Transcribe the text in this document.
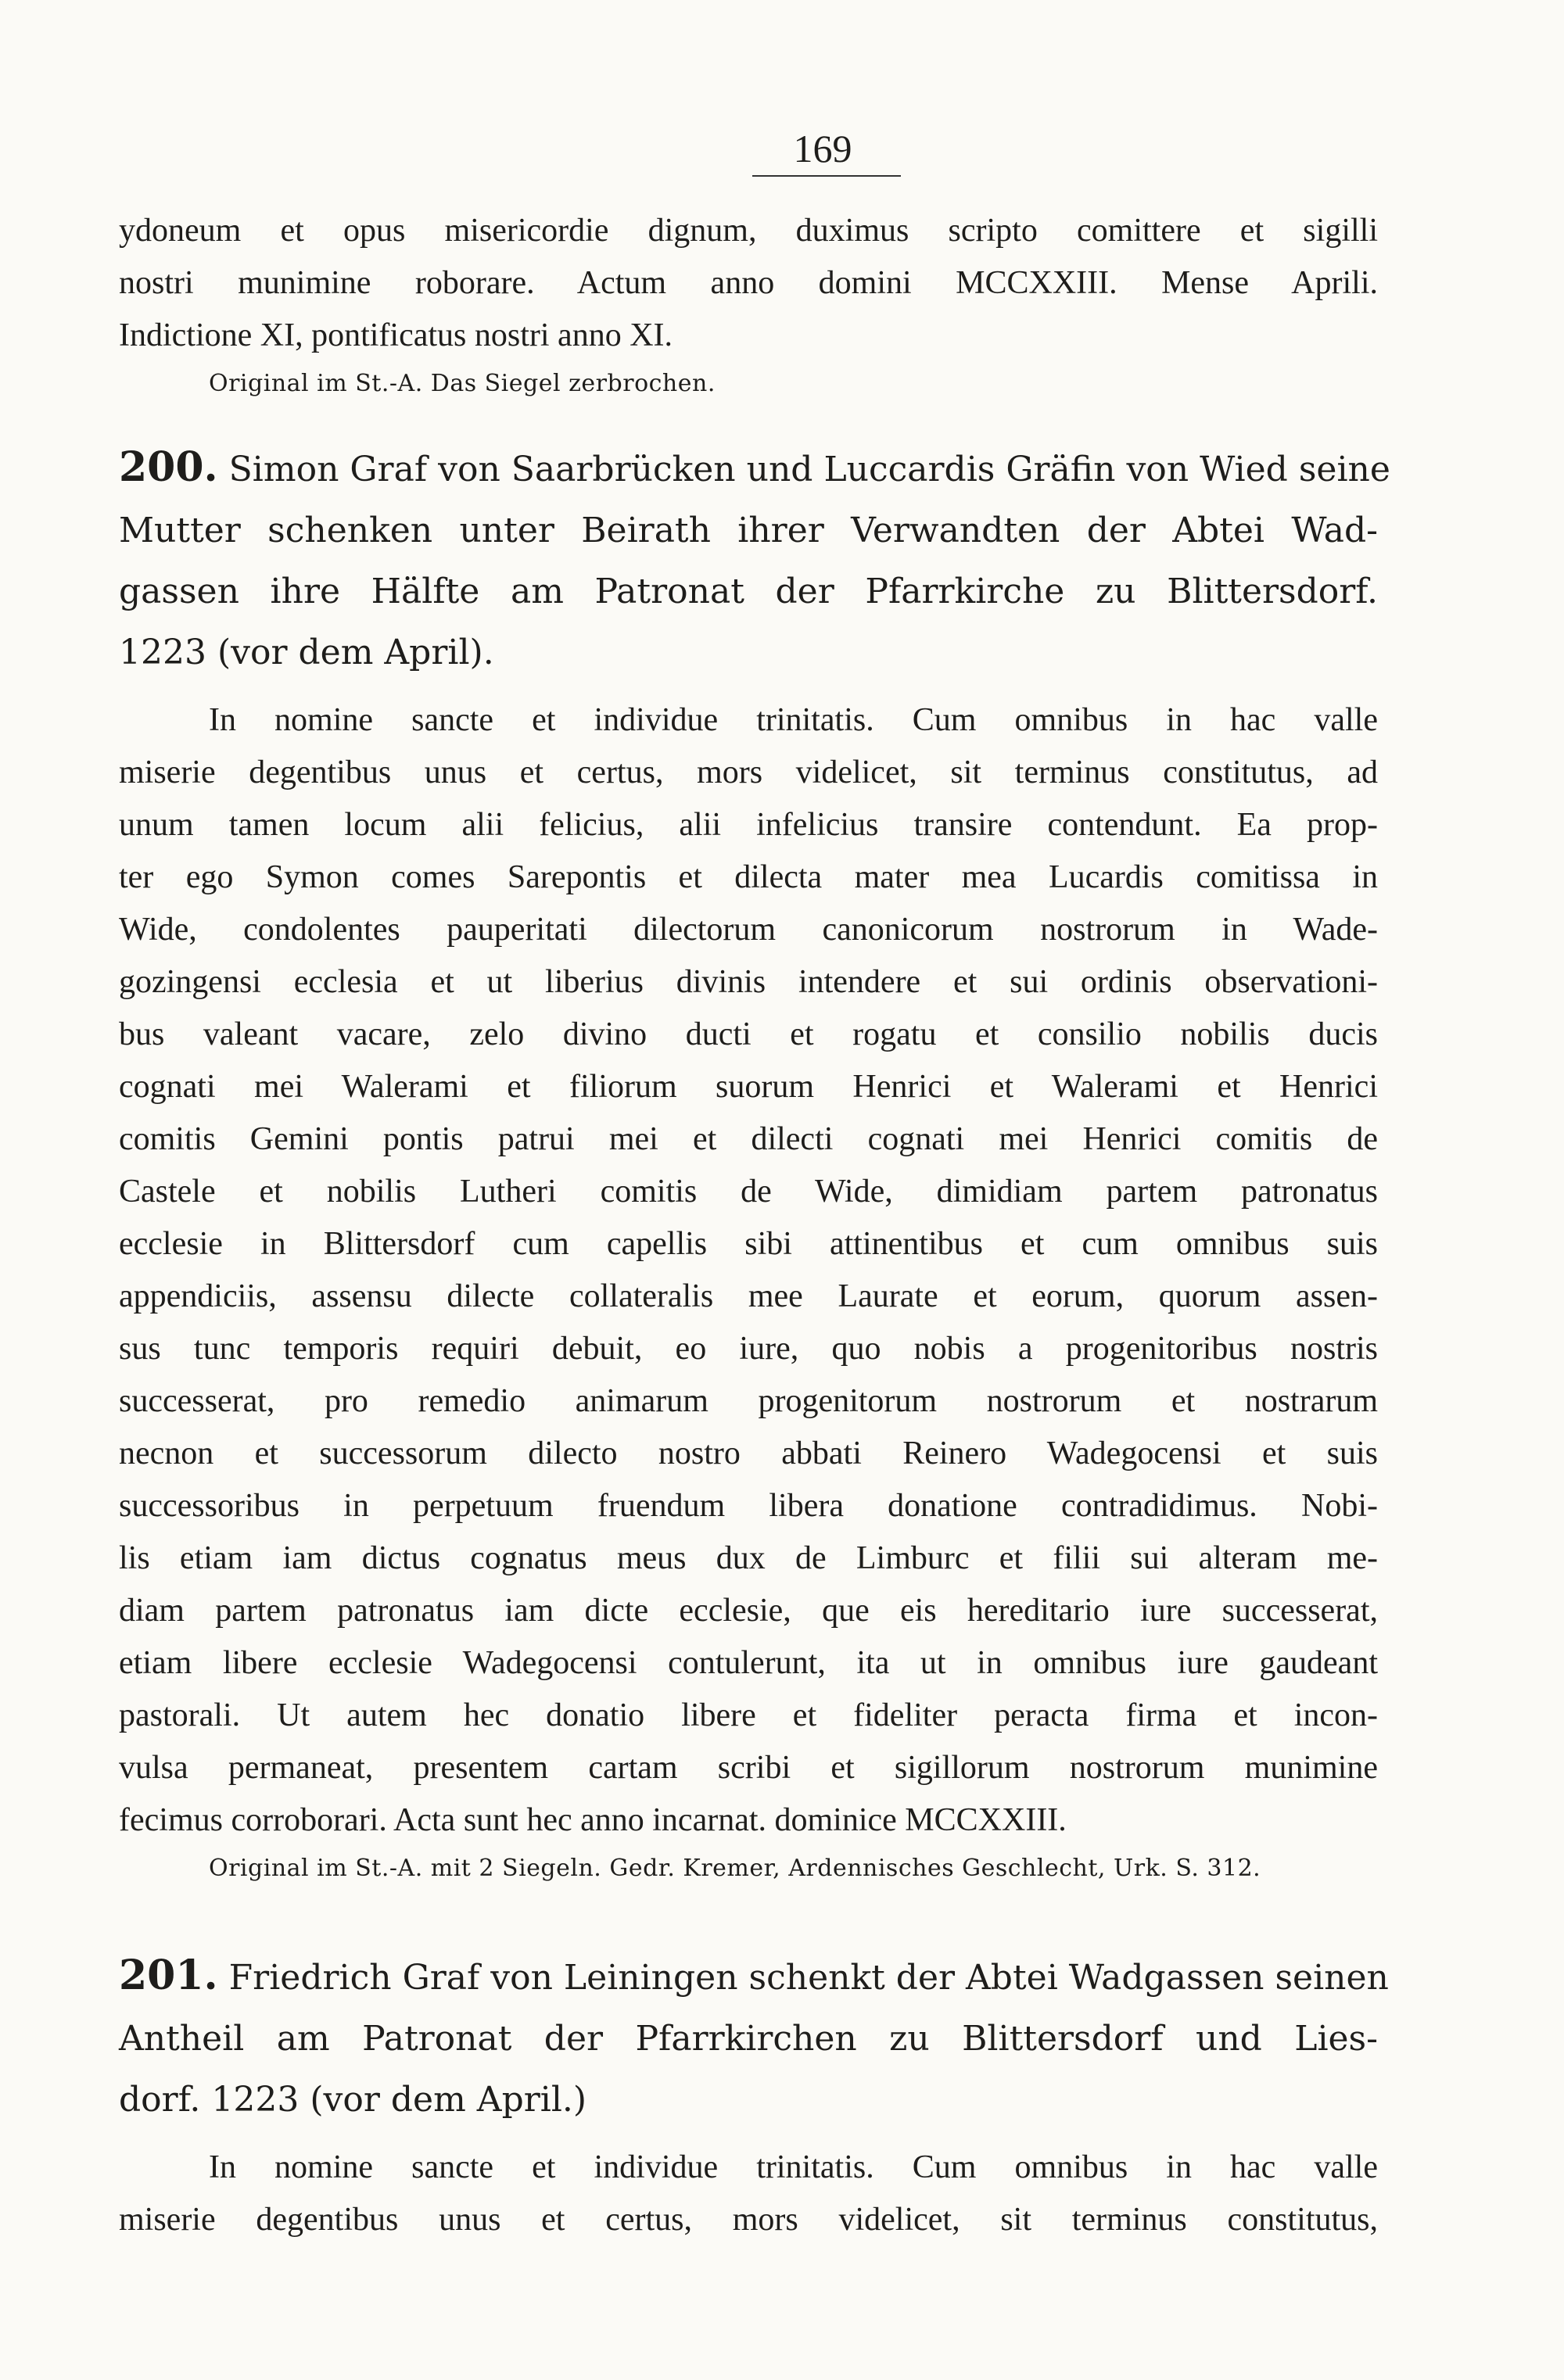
169
ydoneum et opus misericordie dignum, duximus scripto comittere et sigilli
nostri munimine roborare. Actum anno domini MCCXXIII. Mense Aprili.
Indictione XI, pontificatus nostri anno XI.
Original im St.-A. Das Siegel zerbrochen.
200. Simon Graf von Saarbrücken und Luccardis Gräfin von Wied seine
Mutter schenken unter Beirath ihrer Verwandten der Abtei Wad-
gassen ihre Hälfte am Patronat der Pfarrkirche zu Blittersdorf.
1223 (vor dem April).
In nomine sancte et individue trinitatis. Cum omnibus in hac valle
miserie degentibus unus et certus, mors videlicet, sit terminus constitutus, ad
unum tamen locum alii felicius, alii infelicius transire contendunt. Ea prop-
ter ego Symon comes Sarepontis et dilecta mater mea Lucardis comitissa in
Wide, condolentes pauperitati dilectorum canonicorum nostrorum in Wade-
gozingensi ecclesia et ut liberius divinis intendere et sui ordinis observationi-
bus valeant vacare, zelo divino ducti et rogatu et consilio nobilis ducis
cognati mei Walerami et filiorum suorum Henrici et Walerami et Henrici
comitis Gemini pontis patrui mei et dilecti cognati mei Henrici comitis de
Castele et nobilis Lutheri comitis de Wide, dimidiam partem patronatus
ecclesie in Blittersdorf cum capellis sibi attinentibus et cum omnibus suis
appendiciis, assensu dilecte collateralis mee Laurate et eorum, quorum assen-
sus tunc temporis requiri debuit, eo iure, quo nobis a progenitoribus nostris
successerat, pro remedio animarum progenitorum nostrorum et nostrarum
necnon et successorum dilecto nostro abbati Reinero Wadegocensi et suis
successoribus in perpetuum fruendum libera donatione contradidimus. Nobi-
lis etiam iam dictus cognatus meus dux de Limburc et filii sui alteram me-
diam partem patronatus iam dicte ecclesie, que eis hereditario iure successerat,
etiam libere ecclesie Wadegocensi contulerunt, ita ut in omnibus iure gaudeant
pastorali. Ut autem hec donatio libere et fideliter peracta firma et incon-
vulsa permaneat, presentem cartam scribi et sigillorum nostrorum munimine
fecimus corroborari. Acta sunt hec anno incarnat. dominice MCCXXIII.
Original im St.-A. mit 2 Siegeln. Gedr. Kremer, Ardennisches Geschlecht, Urk. S. 312.
201. Friedrich Graf von Leiningen schenkt der Abtei Wadgassen seinen
Antheil am Patronat der Pfarrkirchen zu Blittersdorf und Lies-
dorf. 1223 (vor dem April.)
In nomine sancte et individue trinitatis. Cum omnibus in hac valle
miserie degentibus unus et certus, mors videlicet, sit terminus constitutus,
